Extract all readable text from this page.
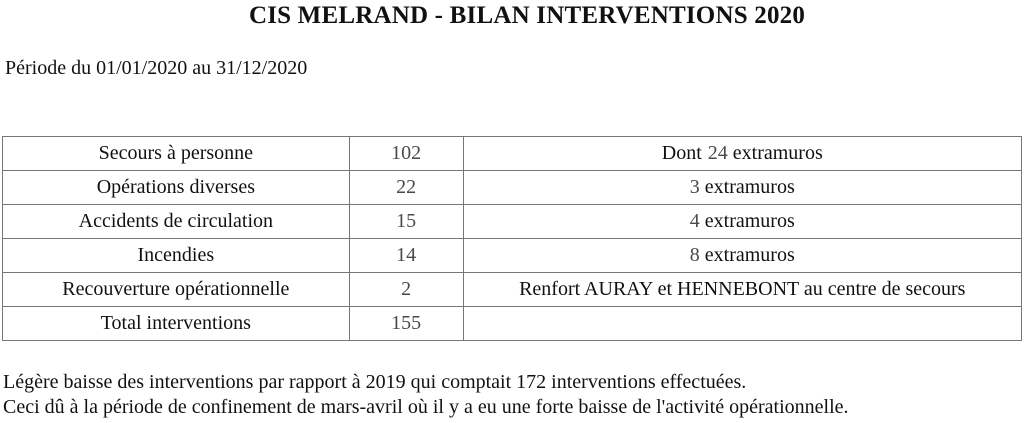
CIS MELRAND - BILAN INTERVENTIONS 2020
Période du 01/01/2020 au 31/12/2020
Secours à personne	102	Dont 24 extramuros
Opérations diverses	22	3 extramuros
Accidents de circulation	15	4 extramuros
Incendies	14	8 extramuros
Recouverture opérationnelle	2	Renfort AURAY et HENNEBONT au centre de secours
Total interventions	155	
Légère baisse des interventions par rapport à 2019 qui comptait 172 interventions effectuées.
Ceci dû à la période de confinement de mars-avril où il y a eu une forte baisse de l'activité opérationnelle.
